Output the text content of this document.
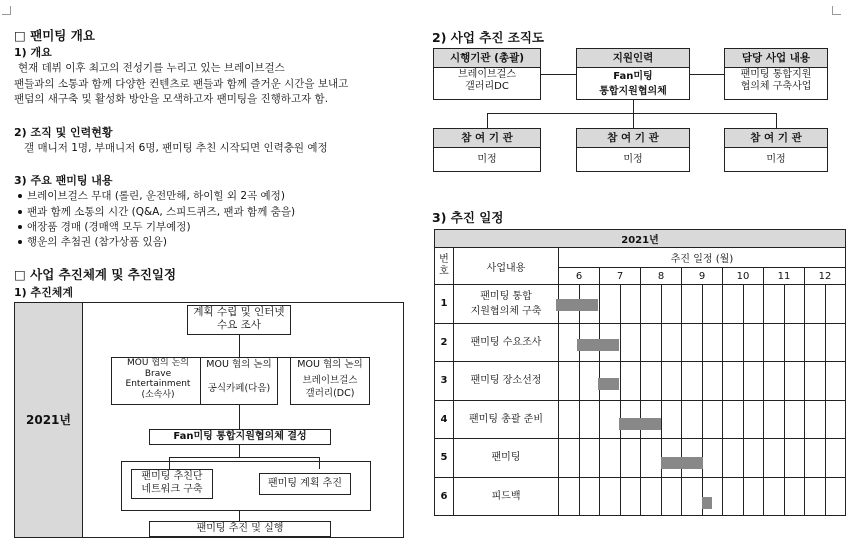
□ 팬미팅 개요
1) 개요
현재 데뷔 이후 최고의 전성기를 누리고 있는 브레이브걸스
팬들과의 소통과 함께 다양한 컨텐츠로 팬들과 함께 즐거운 시간을 보내고
팬덤의 새구축 및 활성화 방안을 모색하고자 팬미팅을 진행하고자 함.
2) 조직 및 인력현황
갤 매니저 1명, 부매니저 6명, 팬미팅 추친 시작되면 인력충원 예정
3) 주요 팬미팅 내용
브레이브걸스 무대 (롤린, 운전만해, 하이힐 외 2곡 예정)
팬과 함께 소통의 시간 (Q&A, 스피드퀴즈, 팬과 함께 춤을)
애장품 경매 (경매액 모두 기부예정)
행운의 추첨권 (참가상품 있음)
□ 사업 추진체계 및 추진일정
1) 추진체계
2021년
계획 수립 및 인터넷
수요 조사
MOU 협의 논의
Brave
Entertainment
(소속사)
MOU 협의 논의
공식카페(다음)
MOU 협의 논의
브레이브걸스
갤러리(DC)
Fan미팅 통합지원협의체 결성
팬미팅 추친단
네트워크 구축
팬미팅 계획 추진
팬미팅 추진 및 실행
2) 사업 추진 조직도
시행기관 (총괄)
브레이브걸스
갤러리DC
지원인력
Fan미팅
통합지원협의체
담당 사업 내용
팬미팅 통합지원
협의체 구축사업
참 여 기 관
미정
참 여 기 관
미정
참 여 기 관
미정
3) 추진 일정
2021년															
번
호	사업내용	추진 일정 (월)													
		6		7		8		9		10		11		12	
1	팬미팅 통합
지원협의체 구축														
2	팬미팅 수요조사														
3	팬미팅 장소선정														
4	팬미팅 총괄 준비														
5	팬미팅														
6	피드백														
